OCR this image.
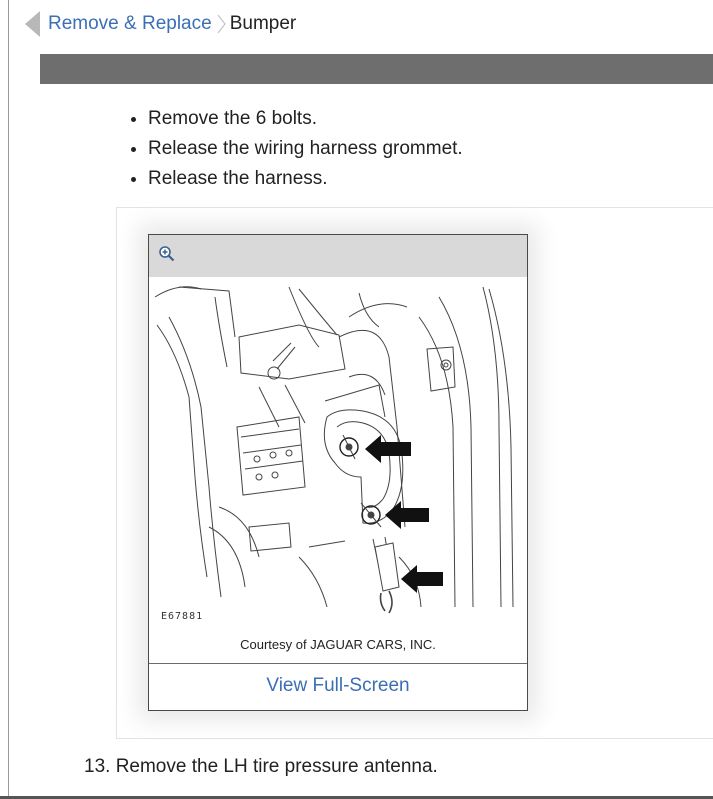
Remove & Replace Bumper
• Remove the 6 bolts.
• Release the wiring harness grommet.
• Release the harness.
E67881
Courtesy of JAGUAR CARS, INC.
View Full-Screen
13. Remove the LH tire pressure antenna.
